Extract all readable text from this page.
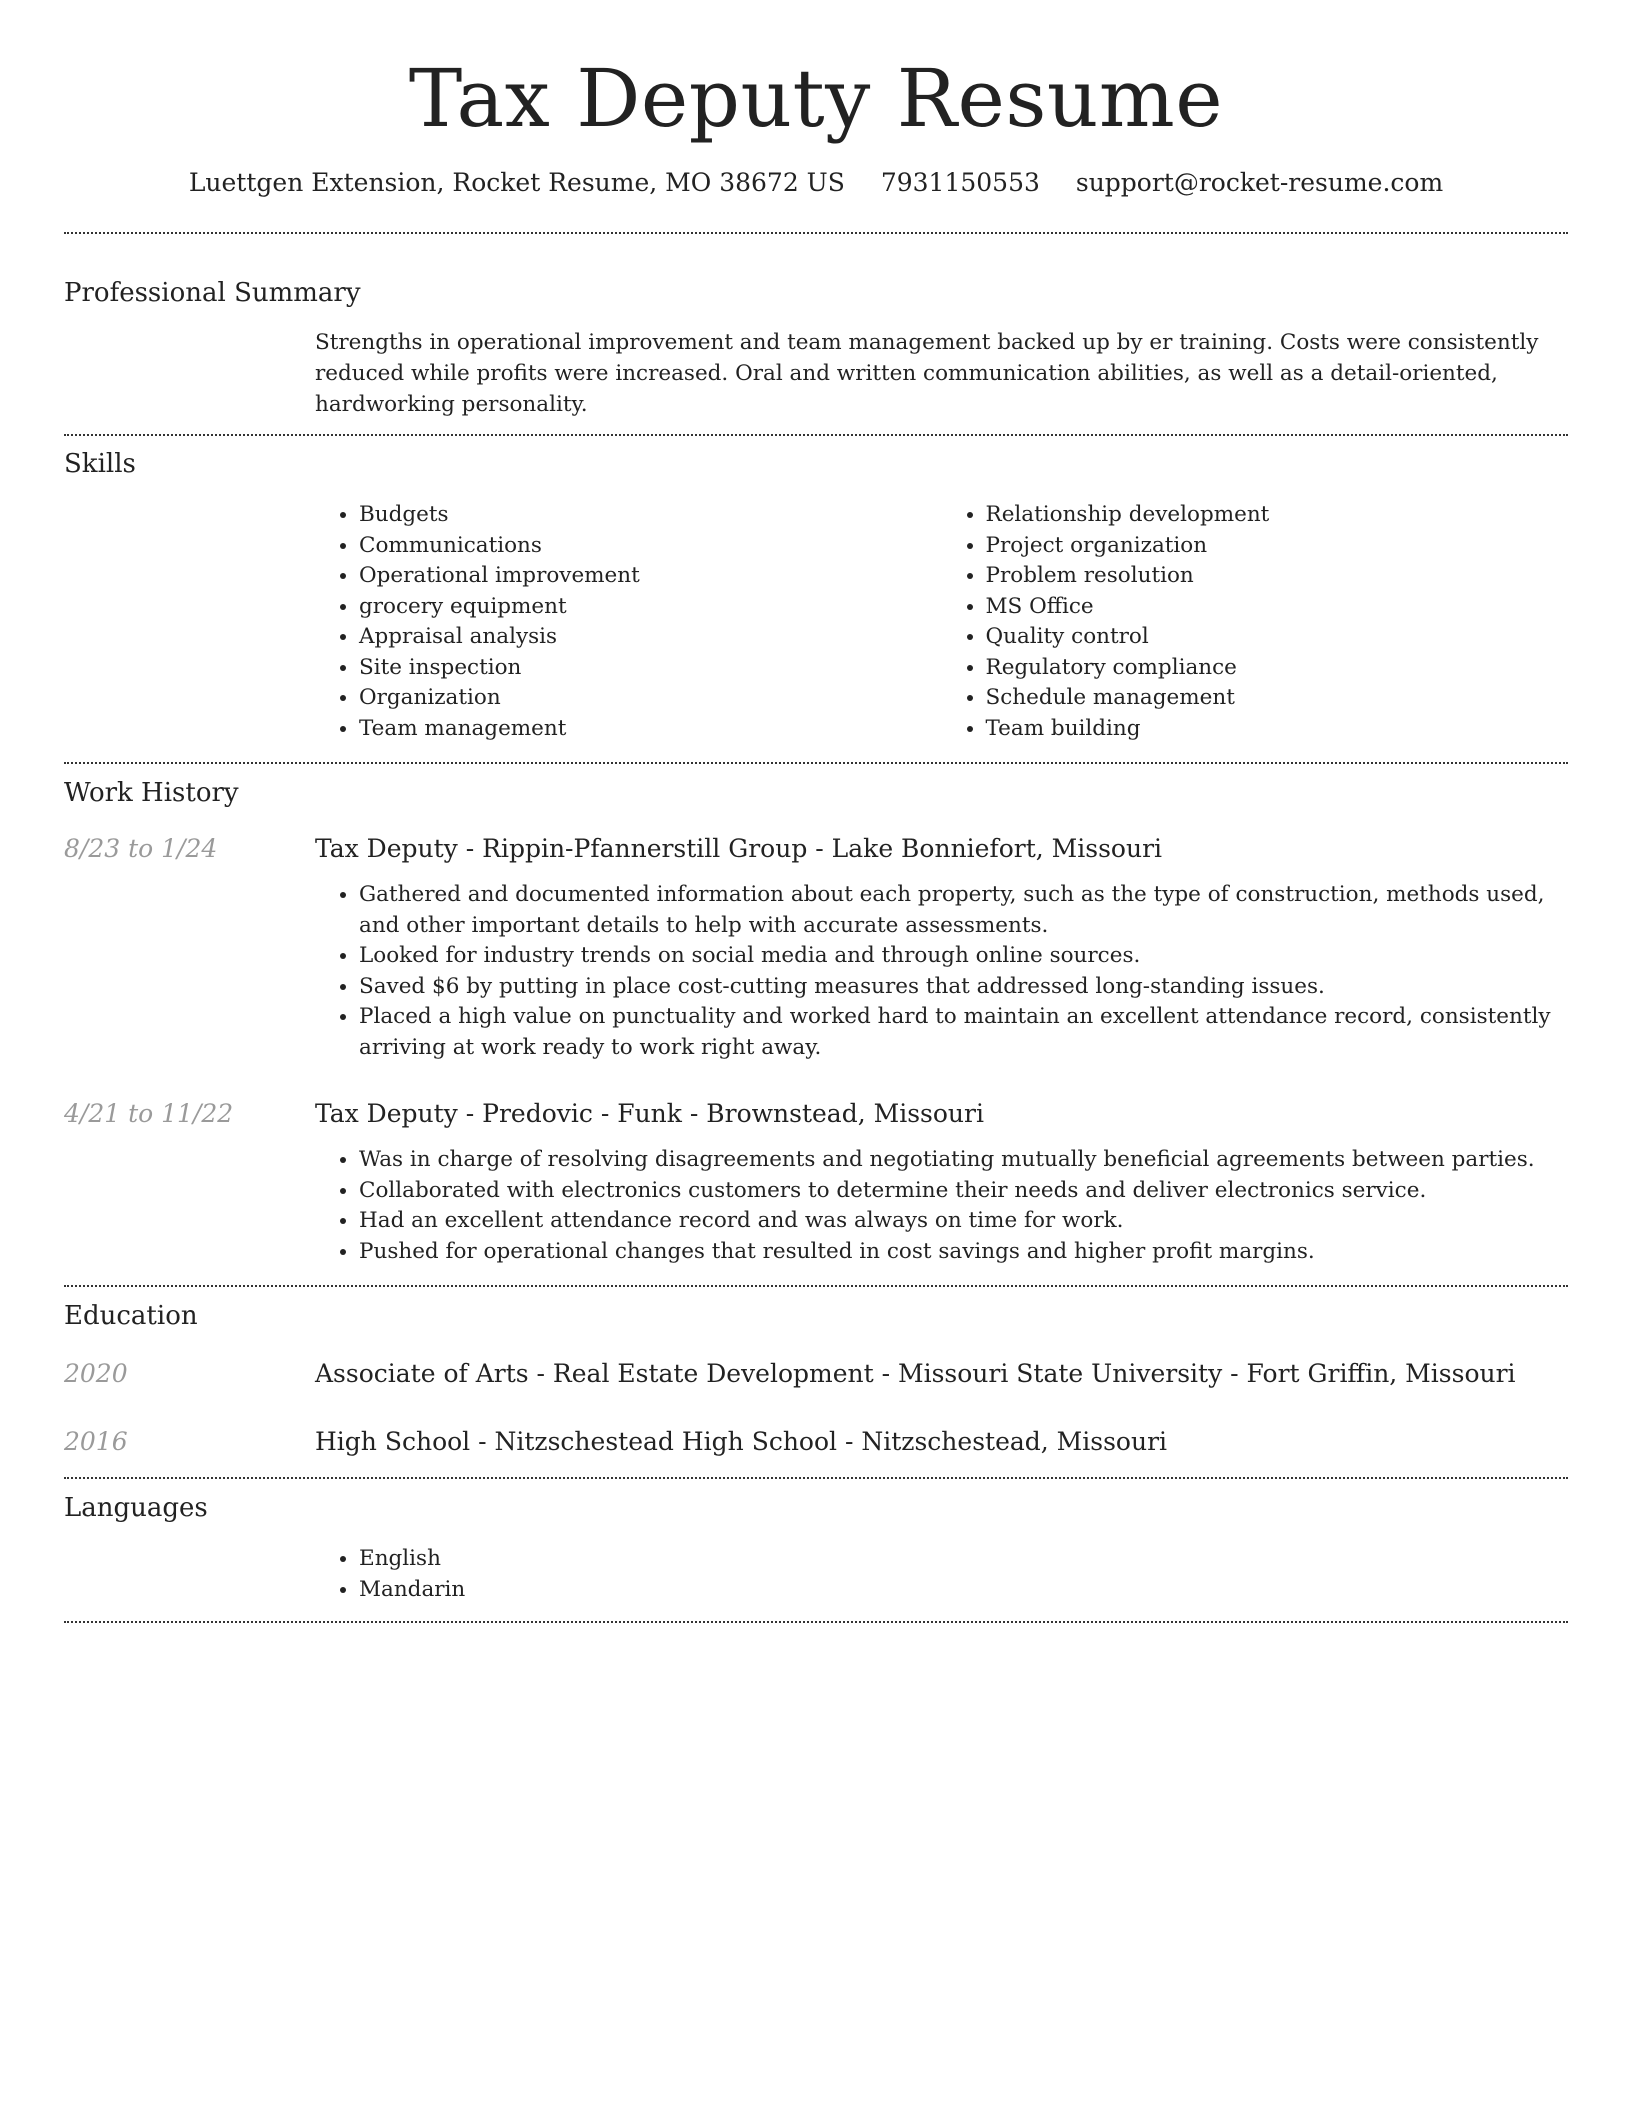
Tax Deputy Resume
Luettgen Extension, Rocket Resume, MO 38672 US 7931150553 support@rocket-resume.com
Professional Summary

Strengths in operational improvement and team management backed up by er training. Costs were consistently reduced while profits were increased. Oral and written communication abilities, as well as a detail-oriented, hardworking personality.

Skills
• Budgets
• Communications
• Operational improvement
• grocery equipment
• Appraisal analysis
• Site inspection
• Organization
• Team management
• Relationship development
• Project organization
• Problem resolution
• MS Office
• Quality control
• Regulatory compliance
• Schedule management
• Team building
Work History
8/23 to 1/24	Tax Deputy - Rippin-Pfannerstill Group - Lake Bonniefort, Missouri
• Gathered and documented information about each property, such as the type of construction, methods used, and other important details to help with accurate assessments.
• Looked for industry trends on social media and through online sources.
• Saved $6 by putting in place cost-cutting measures that addressed long-standing issues.
• Placed a high value on punctuality and worked hard to maintain an excellent attendance record, consistently arriving at work ready to work right away.
4/21 to 11/22	Tax Deputy - Predovic - Funk - Brownstead, Missouri
• Was in charge of resolving disagreements and negotiating mutually beneficial agreements between parties.
• Collaborated with electronics customers to determine their needs and deliver electronics service.
• Had an excellent attendance record and was always on time for work.
• Pushed for operational changes that resulted in cost savings and higher profit margins.
Education
2020	Associate of Arts - Real Estate Development - Missouri State University - Fort Griffin, Missouri
2016	High School - Nitzschestead High School - Nitzschestead, Missouri
Languages
• English
• Mandarin
